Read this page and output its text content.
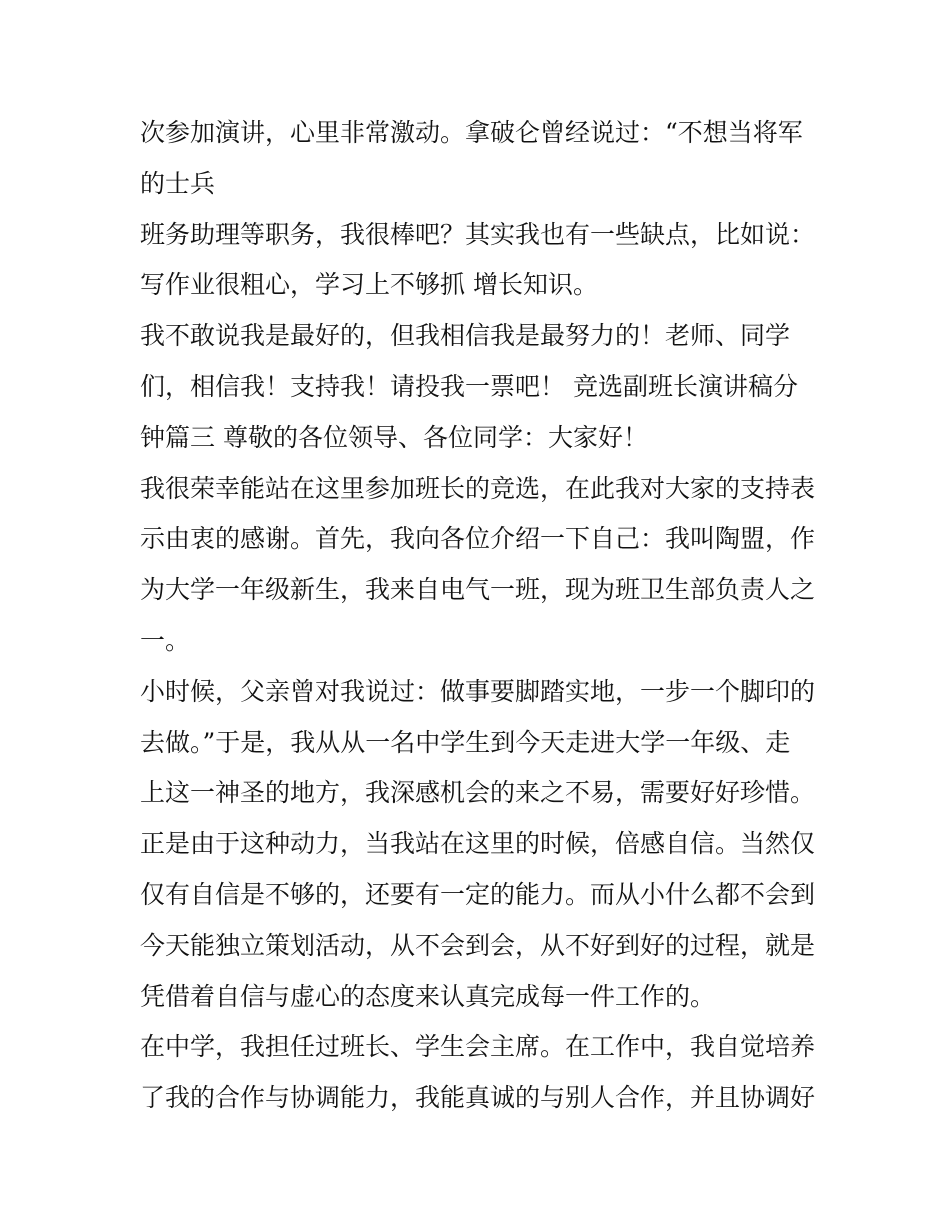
次参加演讲，心里非常激动。拿破仑曾经说过：“不想当将军
的士兵
班务助理等职务，我很棒吧？其实我也有一些缺点，比如说：
写作业很粗心，学习上不够抓 增长知识。
我不敢说我是最好的，但我相信我是最努力的！老师、同学
们，相信我！支持我！请投我一票吧！ 竞选副班长演讲稿分
钟篇三 尊敬的各位领导、各位同学：大家好！
我很荣幸能站在这里参加班长的竞选，在此我对大家的支持表
示由衷的感谢。首先，我向各位介绍一下自己：我叫陶盟，作
为大学一年级新生，我来自电气一班，现为班卫生部负责人之
一。
小时候，父亲曾对我说过：做事要脚踏实地，一步一个脚印的
去做。”于是，我从从一名中学生到今天走进大学一年级、走
上这一神圣的地方，我深感机会的来之不易，需要好好珍惜。
正是由于这种动力，当我站在这里的时候，倍感自信。当然仅
仅有自信是不够的，还要有一定的能力。而从小什么都不会到
今天能独立策划活动，从不会到会，从不好到好的过程，就是
凭借着自信与虚心的态度来认真完成每一件工作的。
在中学，我担任过班长、学生会主席。在工作中，我自觉培养
了我的合作与协调能力，我能真诚的与别人合作，并且协调好
